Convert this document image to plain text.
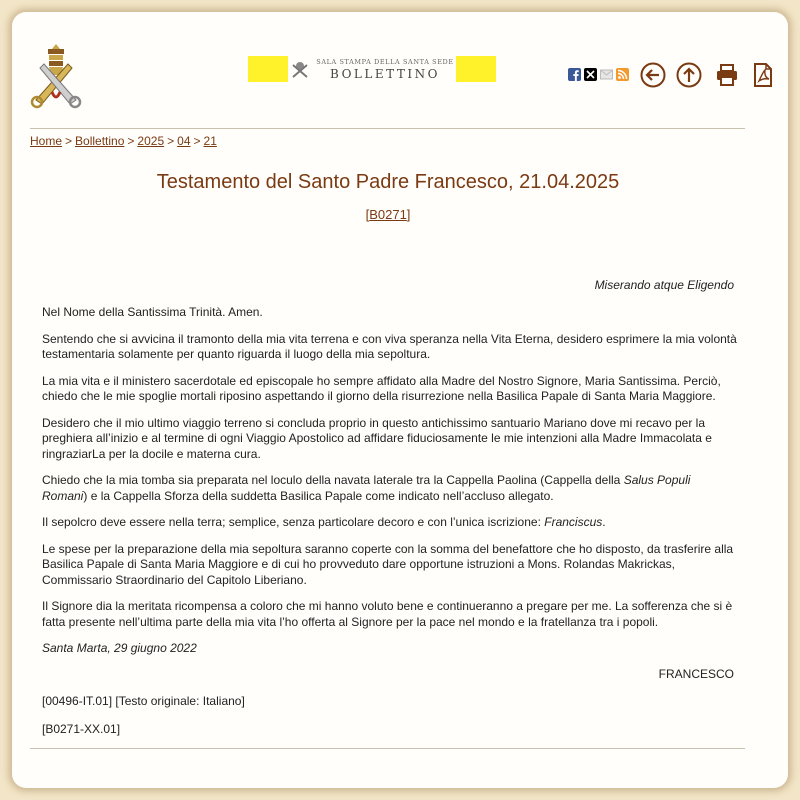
SALA STAMPA DELLA SANTA SEDE
BOLLETTINO
Home > Bollettino > 2025 > 04 > 21
Testamento del Santo Padre Francesco, 21.04.2025
[B0271]
Miserando atque Eligendo

Nel Nome della Santissima Trinità. Amen.

Sentendo che si avvicina il tramonto della mia vita terrena e con viva speranza nella Vita Eterna, desidero esprimere la mia volontà testamentaria solamente per quanto riguarda il luogo della mia sepoltura.

La mia vita e il ministero sacerdotale ed episcopale ho sempre affidato alla Madre del Nostro Signore, Maria Santissima. Perciò, chiedo che le mie spoglie mortali riposino aspettando il giorno della risurrezione nella Basilica Papale di Santa Maria Maggiore.

Desidero che il mio ultimo viaggio terreno si concluda proprio in questo antichissimo santuario Mariano dove mi recavo per la preghiera all’inizio e al termine di ogni Viaggio Apostolico ad affidare fiduciosamente le mie intenzioni alla Madre Immacolata e ringraziarLa per la docile e materna cura.

Chiedo che la mia tomba sia preparata nel loculo della navata laterale tra la Cappella Paolina (Cappella della Salus Populi Romani) e la Cappella Sforza della suddetta Basilica Papale come indicato nell’accluso allegato.

Il sepolcro deve essere nella terra; semplice, senza particolare decoro e con l’unica iscrizione: Franciscus.

Le spese per la preparazione della mia sepoltura saranno coperte con la somma del benefattore che ho disposto, da trasferire alla Basilica Papale di Santa Maria Maggiore e di cui ho provveduto dare opportune istruzioni a Mons. Rolandas Makrickas, Commissario Straordinario del Capitolo Liberiano.

Il Signore dia la meritata ricompensa a coloro che mi hanno voluto bene e continueranno a pregare per me. La sofferenza che si è fatta presente nell’ultima parte della mia vita l’ho offerta al Signore per la pace nel mondo e la fratellanza tra i popoli.

Santa Marta, 29 giugno 2022

FRANCESCO
[00496-IT.01] [Testo originale: Italiano]
[B0271-XX.01]
